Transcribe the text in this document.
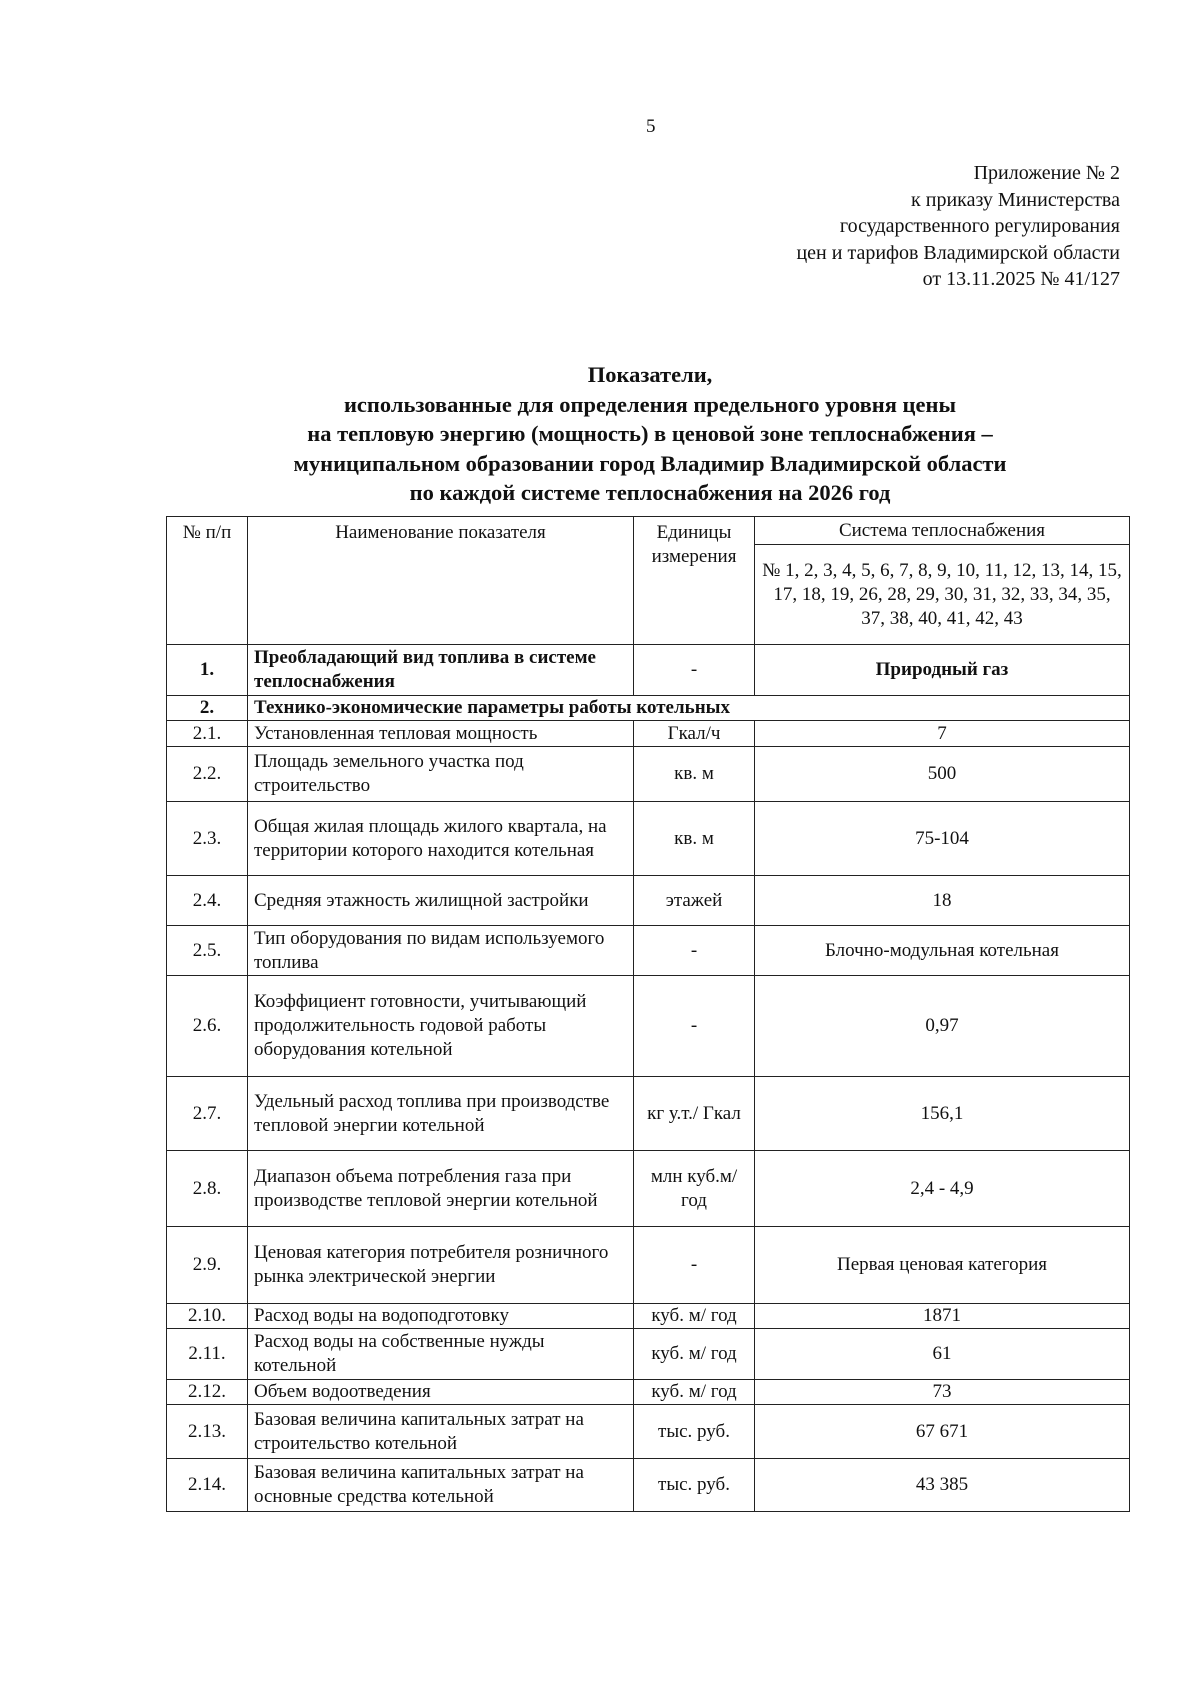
5
Приложение № 2
к приказу Министерства
государственного регулирования
цен и тарифов Владимирской области
от 13.11.2025 № 41/127
Показатели,
использованные для определения предельного уровня цены
на тепловую энергию (мощность) в ценовой зоне теплоснабжения –
муниципальном образовании город Владимир Владимирской области
по каждой системе теплоснабжения на 2026 год
№ п/п	Наименование показателя	Единицы измерения	Система теплоснабжения
			№ 1, 2, 3, 4, 5, 6, 7, 8, 9, 10, 11, 12, 13, 14, 15, 17, 18, 19, 26, 28, 29, 30, 31, 32, 33, 34, 35, 37, 38, 40, 41, 42, 43
1.	Преобладающий вид топлива в системе теплоснабжения	-	Природный газ
2.	Технико-экономические параметры работы котельных		
2.1.	Установленная тепловая мощность	Гкал/ч	7
2.2.	Площадь земельного участка под строительство	кв. м	500
2.3.	Общая жилая площадь жилого квартала, на территории которого находится котельная	кв. м	75-104
2.4.	Средняя этажность жилищной застройки	этажей	18
2.5.	Тип оборудования по видам используемого топлива	-	Блочно-модульная котельная
2.6.	Коэффициент готовности, учитывающий продолжительность годовой работы оборудования котельной	-	0,97
2.7.	Удельный расход топлива при производстве тепловой энергии котельной	кг у.т./ Гкал	156,1
2.8.	Диапазон объема потребления газа при производстве тепловой энергии котельной	млн куб.м/ год	2,4 - 4,9
2.9.	Ценовая категория потребителя розничного рынка электрической энергии	-	Первая ценовая категория
2.10.	Расход воды на водоподготовку	куб. м/ год	1871
2.11.	Расход воды на собственные нужды котельной	куб. м/ год	61
2.12.	Объем водоотведения	куб. м/ год	73
2.13.	Базовая величина капитальных затрат на строительство котельной	тыс. руб.	67 671
2.14.	Базовая величина капитальных затрат на основные средства котельной	тыс. руб.	43 385
